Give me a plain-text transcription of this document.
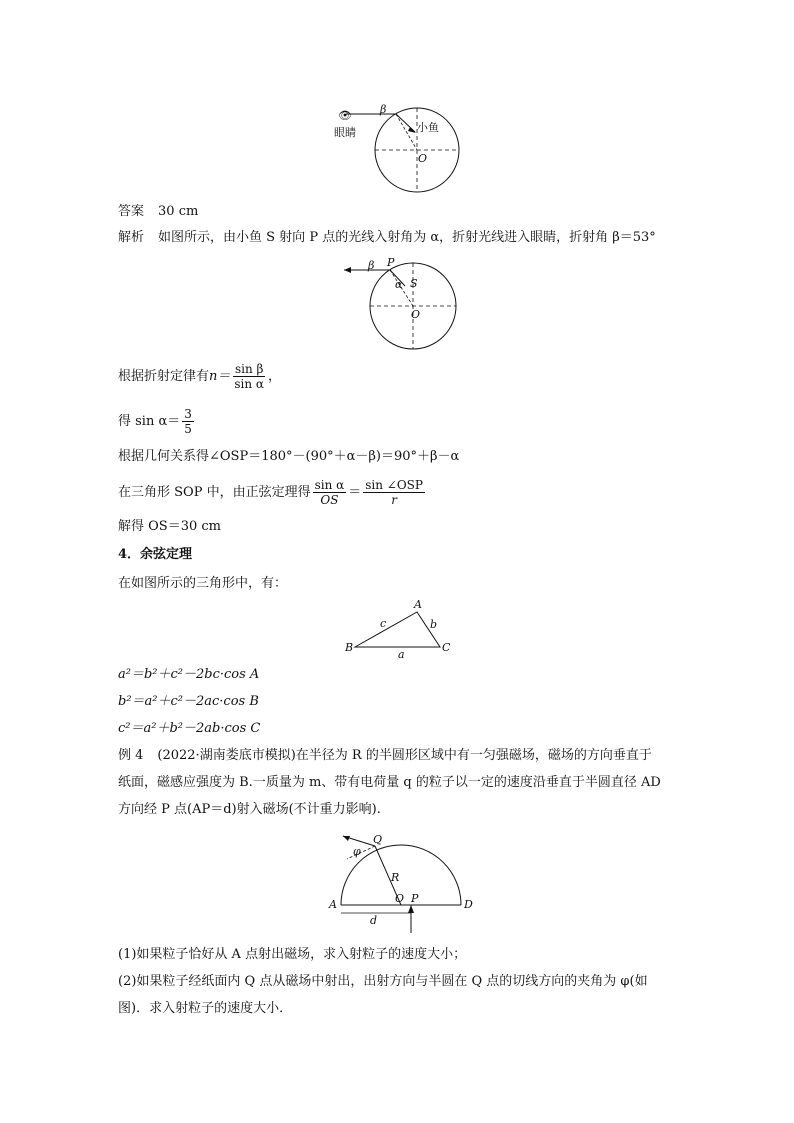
👁	β
小鱼
眼睛
O
答案 30 cm
解析 如图所示，由小鱼 S 射向 P 点的光线入射角为 α，折射光线进入眼睛，折射角 β＝53°
β P
α S
O
根据折射定律有$n= \frac{\text{sin β}}{\text{sin α}}$ ，
得 $\sin \alpha= \frac{3}{5}$
根据几何关系得∠OSP＝180°－(90°＋α－β)＝90°＋β－α
在三角形 SOP 中，由正弦定理得 $\frac{\text{sin α}}{OS} = \frac{\text{sin ∠OSP}}{r}$
解得 OS＝30 cm
4．余弦定理
在如图所示的三角形中，有：
A
B	C
c	b
a
a²＝b²＋c²－2bc·cos A
b²＝a²＋c²－2ac·cos B
c²＝a²＋b²－2ab·cos C
例 4 (2022·湖南娄底市模拟)在半径为 R 的半圆形区域中有一匀强磁场，磁场的方向垂直于
纸面，磁感应强度为 B.一质量为 m、带有电荷量 q 的粒子以一定的速度沿垂直于半圆直径 AD
方向经 P 点(AP＝d)射入磁场(不计重力影响).
Q
φ
R
A	O P	D
d
(1)如果粒子恰好从 A 点射出磁场，求入射粒子的速度大小；
(2)如果粒子经纸面内 Q 点从磁场中射出，出射方向与半圆在 Q 点的切线方向的夹角为 φ(如
图)．求入射粒子的速度大小．
